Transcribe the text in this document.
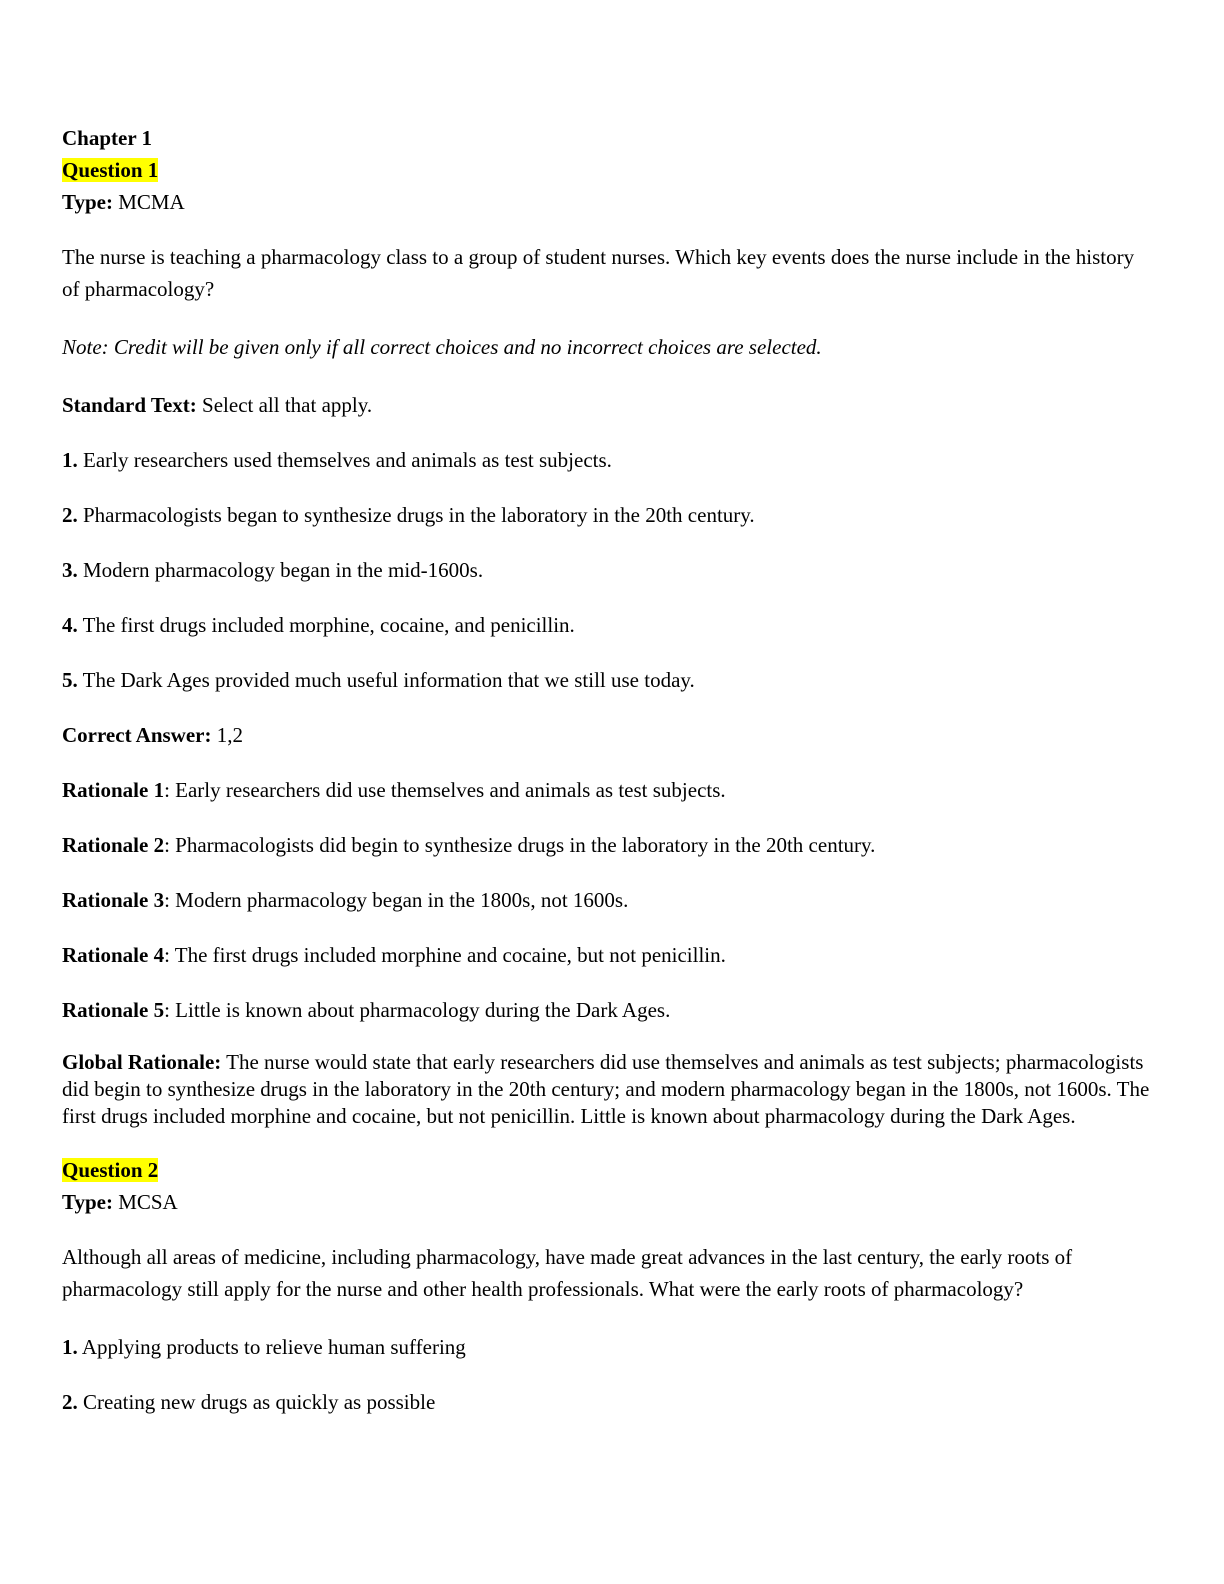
Chapter 1
Question 1
Type: MCMA

The nurse is teaching a pharmacology class to a group of student nurses. Which key events does the nurse include in the history of pharmacology?

Note: Credit will be given only if all correct choices and no incorrect choices are selected.

Standard Text: Select all that apply.

1. Early researchers used themselves and animals as test subjects.

2. Pharmacologists began to synthesize drugs in the laboratory in the 20th century.

3. Modern pharmacology began in the mid-1600s.

4. The first drugs included morphine, cocaine, and penicillin.

5. The Dark Ages provided much useful information that we still use today.

Correct Answer: 1,2

Rationale 1: Early researchers did use themselves and animals as test subjects.

Rationale 2: Pharmacologists did begin to synthesize drugs in the laboratory in the 20th century.

Rationale 3: Modern pharmacology began in the 1800s, not 1600s.

Rationale 4: The first drugs included morphine and cocaine, but not penicillin.

Rationale 5: Little is known about pharmacology during the Dark Ages.

Global Rationale: The nurse would state that early researchers did use themselves and animals as test subjects; pharmacologists did begin to synthesize drugs in the laboratory in the 20th century; and modern pharmacology began in the 1800s, not 1600s. The first drugs included morphine and cocaine, but not penicillin. Little is known about pharmacology during the Dark Ages.

Question 2
Type: MCSA

Although all areas of medicine, including pharmacology, have made great advances in the last century, the early roots of pharmacology still apply for the nurse and other health professionals. What were the early roots of pharmacology?

1. Applying products to relieve human suffering

2. Creating new drugs as quickly as possible
